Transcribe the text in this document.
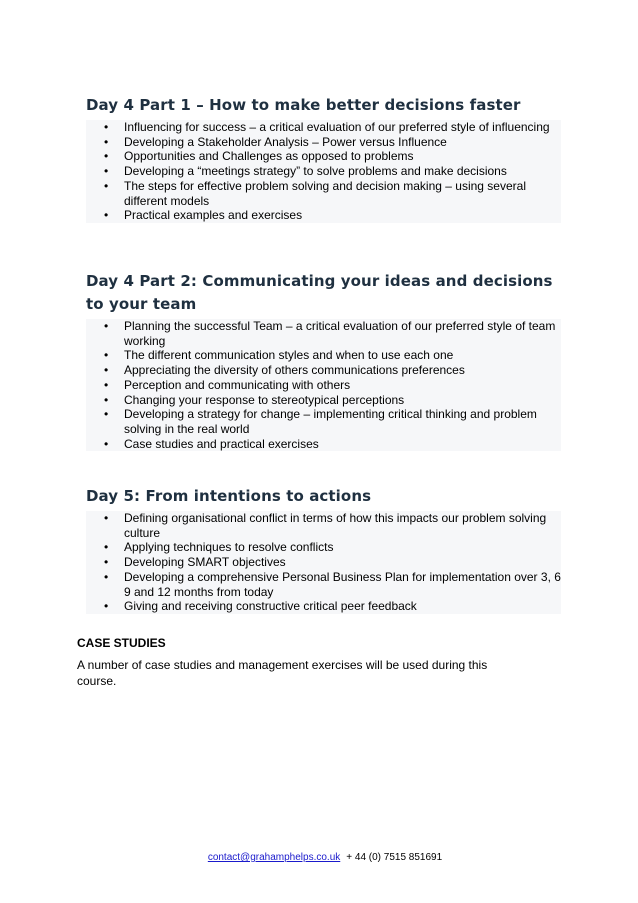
Day 4 Part 1 – How to make better decisions faster
• Influencing for success – a critical evaluation of our preferred style of influencing
• Developing a Stakeholder Analysis – Power versus Influence
• Opportunities and Challenges as opposed to problems
• Developing a “meetings strategy” to solve problems and make decisions
• The steps for effective problem solving and decision making – using several different models
• Practical examples and exercises
Day 4 Part 2: Communicating your ideas and decisions to your team
• Planning the successful Team – a critical evaluation of our preferred style of team working
• The different communication styles and when to use each one
• Appreciating the diversity of others communications preferences
• Perception and communicating with others
• Changing your response to stereotypical perceptions
• Developing a strategy for change – implementing critical thinking and problem solving in the real world
• Case studies and practical exercises
Day 5: From intentions to actions
• Defining organisational conflict in terms of how this impacts our problem solving culture
• Applying techniques to resolve conflicts
• Developing SMART objectives
• Developing a comprehensive Personal Business Plan for implementation over 3, 6 9 and 12 months from today
• Giving and receiving constructive critical peer feedback
CASE STUDIES
A number of case studies and management exercises will be used during this course.
contact@grahamphelps.co.uk + 44 (0) 7515 851691
